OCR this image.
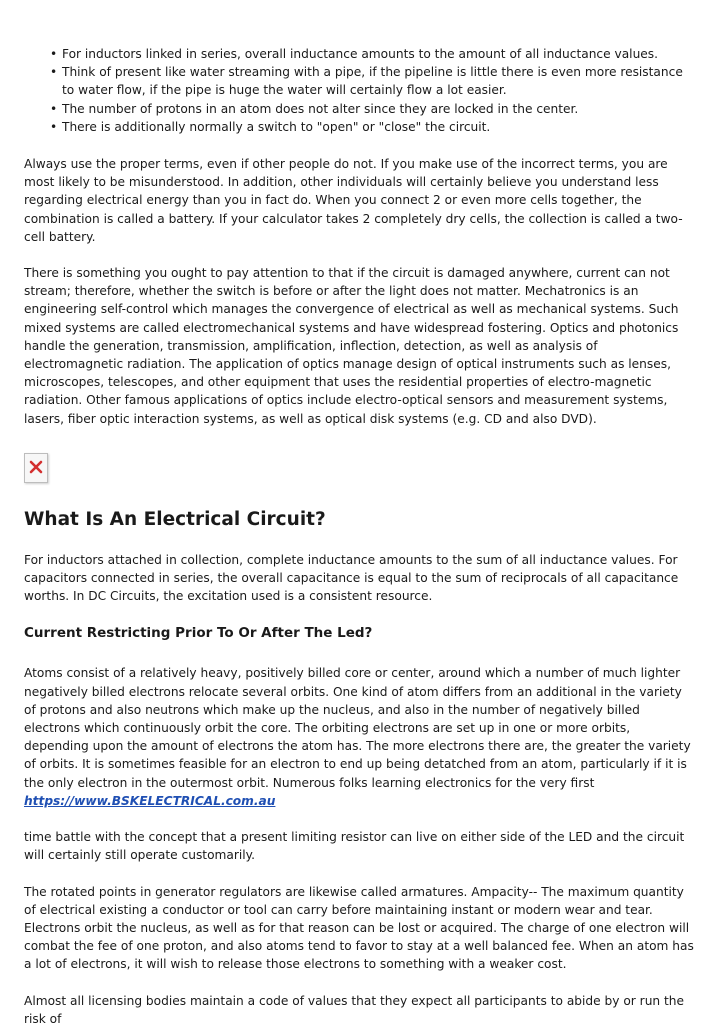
• For inductors linked in series, overall inductance amounts to the amount of all inductance values.
• Think of present like water streaming with a pipe, if the pipeline is little there is even more resistance to water flow, if the pipe is huge the water will certainly flow a lot easier.
• The number of protons in an atom does not alter since they are locked in the center.
• There is additionally normally a switch to "open" or "close" the circuit.

Always use the proper terms, even if other people do not. If you make use of the incorrect terms, you are most likely to be misunderstood. In addition, other individuals will certainly believe you understand less regarding electrical energy than you in fact do. When you connect 2 or even more cells together, the combination is called a battery. If your calculator takes 2 completely dry cells, the collection is called a two-cell battery.

There is something you ought to pay attention to that if the circuit is damaged anywhere, current can not stream; therefore, whether the switch is before or after the light does not matter. Mechatronics is an engineering self-control which manages the convergence of electrical as well as mechanical systems. Such mixed systems are called electromechanical systems and have widespread fostering. Optics and photonics handle the generation, transmission, amplification, inflection, detection, as well as analysis of electromagnetic radiation. The application of optics manage design of optical instruments such as lenses, microscopes, telescopes, and other equipment that uses the residential properties of electro-magnetic radiation. Other famous applications of optics include electro-optical sensors and measurement systems, lasers, fiber optic interaction systems, as well as optical disk systems (e.g. CD and also DVD).

What Is An Electrical Circuit?

For inductors attached in collection, complete inductance amounts to the sum of all inductance values. For capacitors connected in series, the overall capacitance is equal to the sum of reciprocals of all capacitance worths. In DC Circuits, the excitation used is a consistent resource.

Current Restricting Prior To Or After The Led?

Atoms consist of a relatively heavy, positively billed core or center, around which a number of much lighter negatively billed electrons relocate several orbits. One kind of atom differs from an additional in the variety of protons and also neutrons which make up the nucleus, and also in the number of negatively billed electrons which continuously orbit the core. The orbiting electrons are set up in one or more orbits, depending upon the amount of electrons the atom has. The more electrons there are, the greater the variety of orbits. It is sometimes feasible for an electron to end up being detatched from an atom, particularly if it is the only electron in the outermost orbit. Numerous folks learning electronics for the very first https://www.BSKELECTRICAL.com.au

time battle with the concept that a present limiting resistor can live on either side of the LED and the circuit will certainly still operate customarily.

The rotated points in generator regulators are likewise called armatures. Ampacity-- The maximum quantity of electrical existing a conductor or tool can carry before maintaining instant or modern wear and tear. Electrons orbit the nucleus, as well as for that reason can be lost or acquired. The charge of one electron will combat the fee of one proton, and also atoms tend to favor to stay at a well balanced fee. When an atom has a lot of electrons, it will wish to release those electrons to something with a weaker cost.

Almost all licensing bodies maintain a code of values that they expect all participants to abide by or run the risk of
